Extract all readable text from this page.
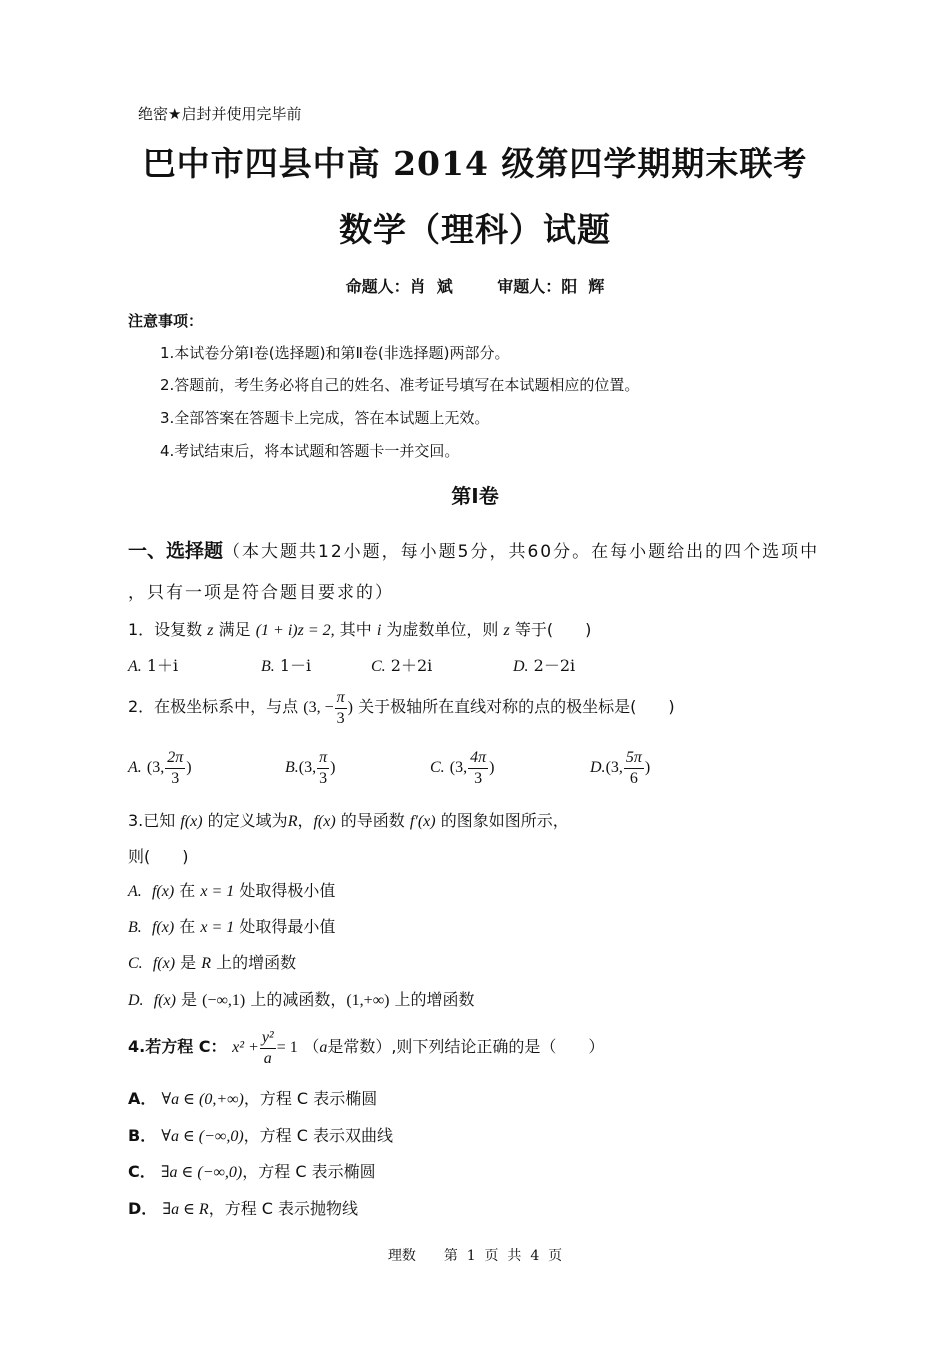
绝密★启封并使用完毕前
巴中市四县中高 2014 级第四学期期末联考
数学（理科）试题
命题人：肖  斌        审题人：阳  辉
注意事项：
1.本试卷分第Ⅰ卷(选择题)和第Ⅱ卷(非选择题)两部分。
2.答题前，考生务必将自己的姓名、准考证号填写在本试题相应的位置。
3.全部答案在答题卡上完成，答在本试题上无效。
4.考试结束后，将本试题和答题卡一并交回。
第Ⅰ卷
一、选择题（本大题共12小题，每小题5分，共60分。在每小题给出的四个选项中
，只有一项是符合题目要求的）
1．设复数 z 满足 (1 + i)z = 2, 其中 i 为虚数单位，则 z 等于(　　)
A. 1＋i	B. 1－i	C. 2＋2i	D. 2－2i
2．在极坐标系中，与点 (3, − $\frac{\pi}{3}$ ) 关于极轴所在直线对称的点的极坐标是(　　)
A. (3, $\frac{2\pi}{3}$ )	B.(3, $\frac{\pi}{3}$ )	C. (3, $\frac{4\pi}{3}$ )	D.(3, $\frac{5\pi}{6}$ )
3.已知 f(x) 的定义域为R，f(x) 的导函数 f′(x) 的图象如图所示，
则(　　)
A. f(x) 在 x = 1 处取得极小值
B. f(x) 在 x = 1 处取得最小值
C. f(x) 是 R 上的增函数
D. f(x) 是 (−∞,1) 上的减函数，(1,+∞) 上的增函数
4.若方程 C： $x^2 + \frac{\text{y²}}{a} = 1$ （a是常数）,则下列结论正确的是（　　）
A． ∀a ∈ (0,+∞)，方程 C 表示椭圆
B． ∀a ∈ (−∞,0)，方程 C 表示双曲线
C． ∃a ∈ (−∞,0)，方程 C 表示椭圆
D． ∃a ∈ R，方程 C 表示抛物线
理数　　第  1  页  共  4  页
